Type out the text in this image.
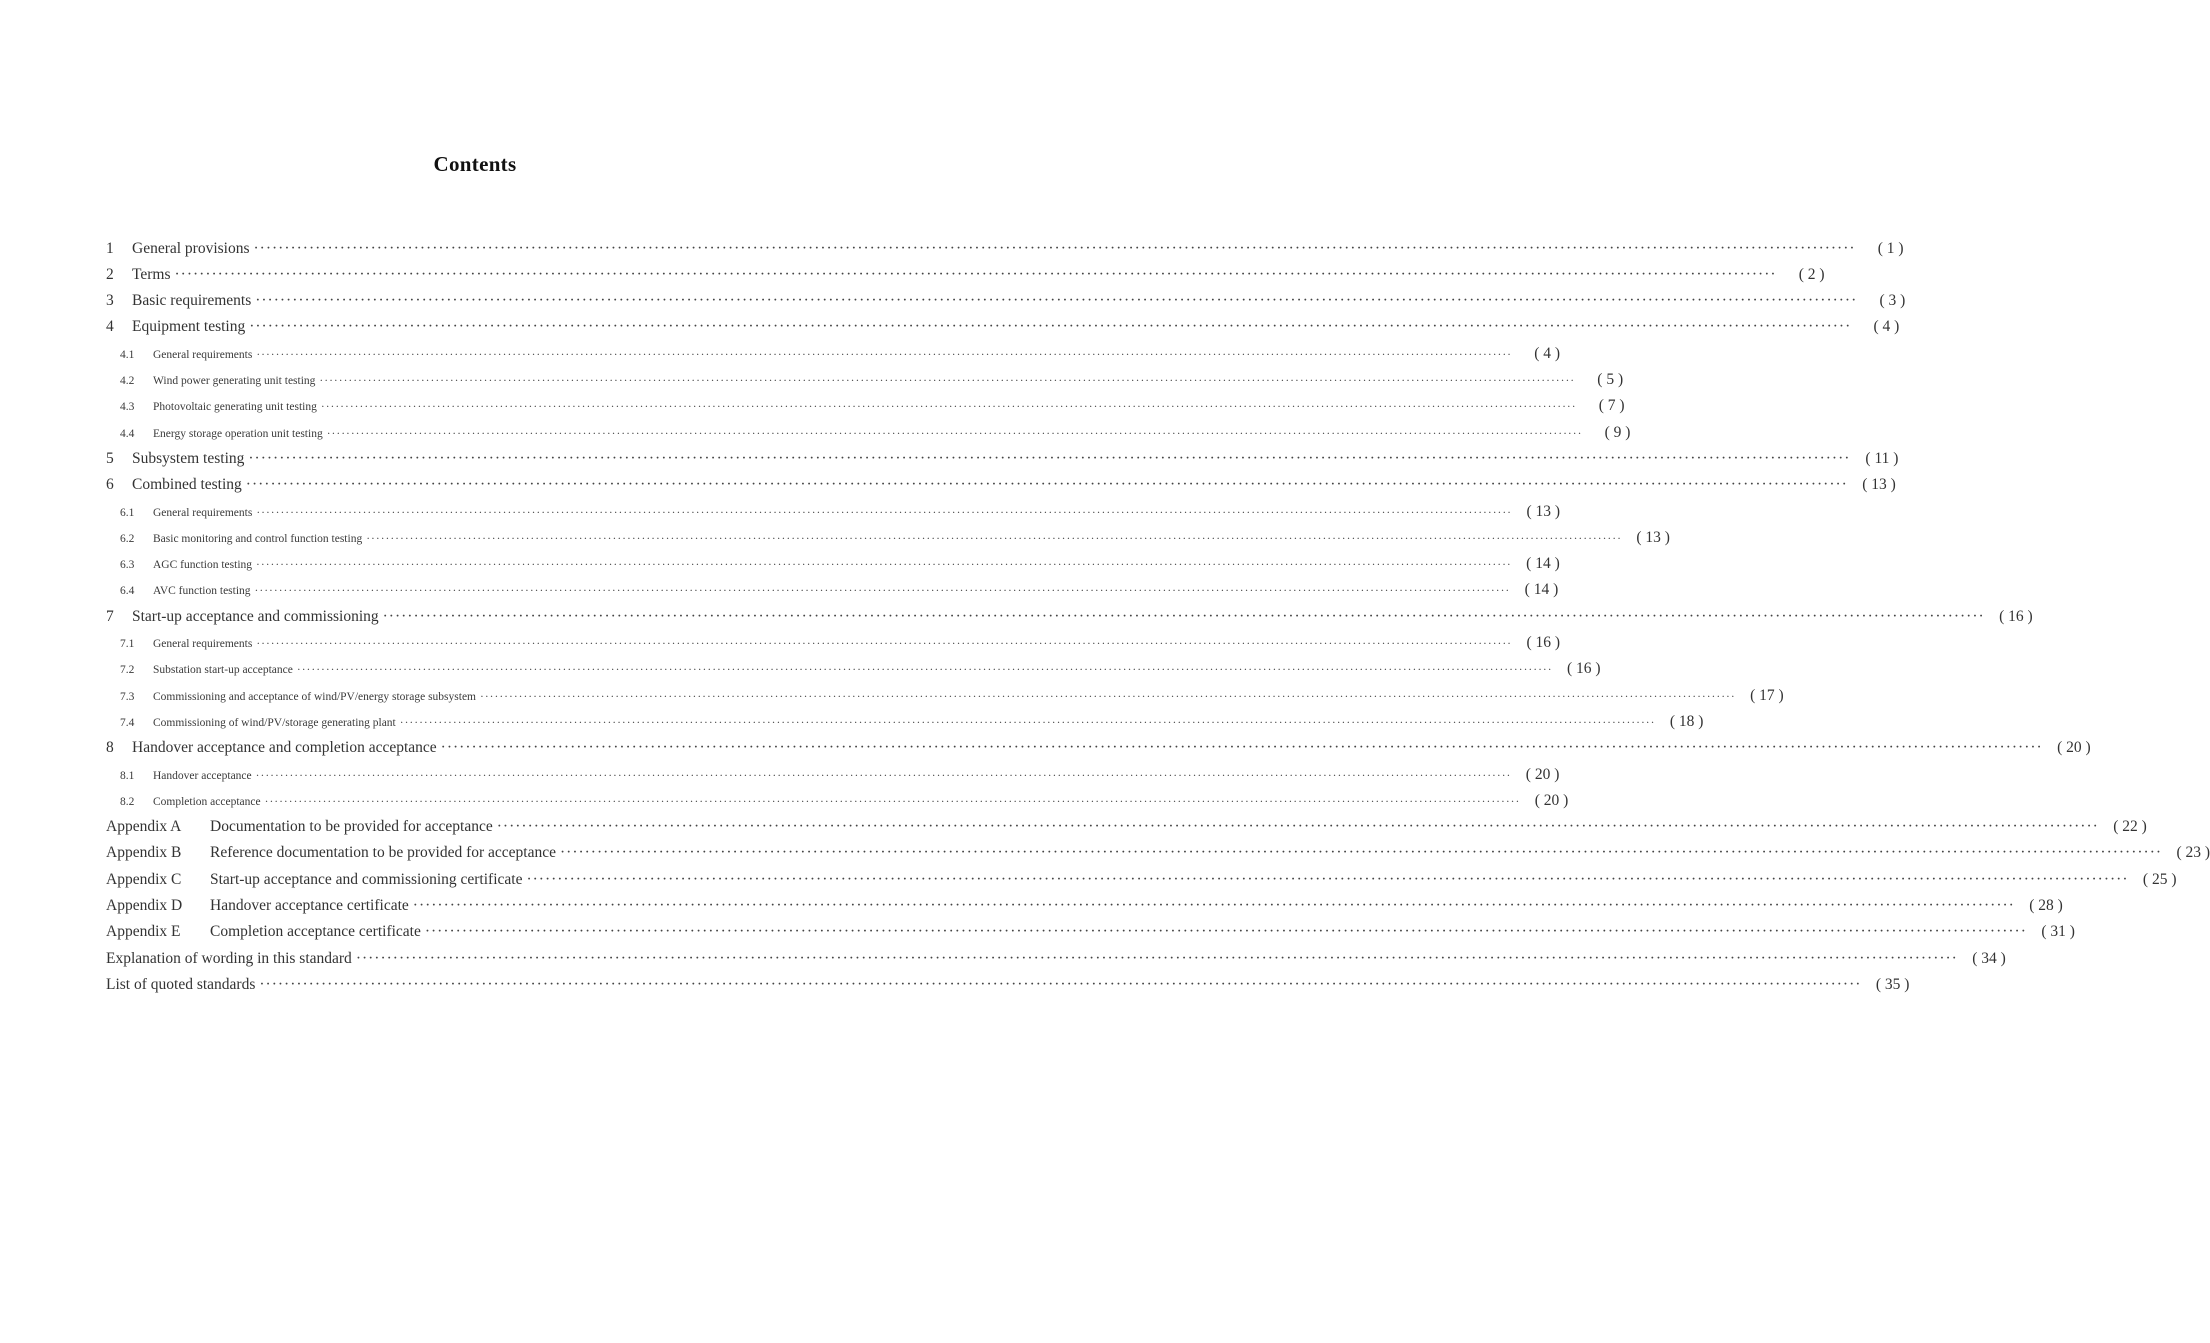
Contents
1	General provisions ····································································································································································································································································	( 1 )
2	Terms ····································································································································································································································································	( 2 )
3	Basic requirements ····································································································································································································································································	( 3 )
4	Equipment testing ····································································································································································································································································	( 4 )
4.1	General requirements ····································································································································································································································································	( 4 )
4.2	Wind power generating unit testing ····································································································································································································································································	( 5 )
4.3	Photovoltaic generating unit testing ····································································································································································································································································	( 7 )
4.4	Energy storage operation unit testing ····································································································································································································································································	( 9 )
5	Subsystem testing ···································································································································································································································································· ( 11 )
6	Combined testing ···································································································································································································································································· ( 13 )
6.1	General requirements ···································································································································································································································································· ( 13 )
6.2	Basic monitoring and control function testing ···································································································································································································································································· ( 13 )
6.3	AGC function testing ···································································································································································································································································· ( 14 )
6.4	AVC function testing ···································································································································································································································································· ( 14 )
7	Start-up acceptance and commissioning ···································································································································································································································································· ( 16 )
7.1	General requirements ···································································································································································································································································· ( 16 )
7.2	Substation start-up acceptance ···································································································································································································································································· ( 16 )
7.3	Commissioning and acceptance of wind/PV/energy storage subsystem ···································································································································································································································································· ( 17 )
7.4	Commissioning of wind/PV/storage generating plant ···································································································································································································································································· ( 18 )
8	Handover acceptance and completion acceptance ···································································································································································································································································· ( 20 )
8.1	Handover acceptance ···································································································································································································································································· ( 20 )
8.2	Completion acceptance ···································································································································································································································································· ( 20 )
Appendix A	Documentation to be provided for acceptance ···································································································································································································································································· ( 22 )
Appendix B	Reference documentation to be provided for acceptance ···································································································································································································································································· ( 23 )
Appendix C	Start-up acceptance and commissioning certificate ···································································································································································································································································· ( 25 )
Appendix D	Handover acceptance certificate ···································································································································································································································································· ( 28 )
Appendix E	Completion acceptance certificate ···································································································································································································································································· ( 31 )
Explanation of wording in this standard ···································································································································································································································································· ( 34 )
List of quoted standards ···································································································································································································································································· ( 35 )
